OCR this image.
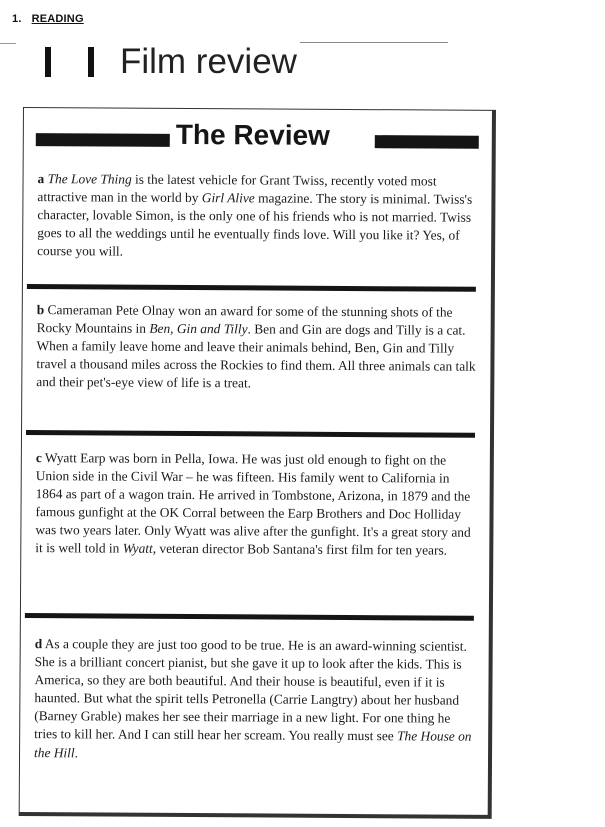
1. READING
Film review
The Review
a The Love Thing is the latest vehicle for Grant Twiss, recently voted most attractive man in the world by Girl Alive magazine. The story is minimal. Twiss's character, lovable Simon, is the only one of his friends who is not married. Twiss goes to all the weddings until he eventually finds love. Will you like it? Yes, of course you will.
b Cameraman Pete Olnay won an award for some of the stunning shots of the Rocky Mountains in Ben, Gin and Tilly. Ben and Gin are dogs and Tilly is a cat. When a family leave home and leave their animals behind, Ben, Gin and Tilly travel a thousand miles across the Rockies to find them. All three animals can talk and their pet's-eye view of life is a treat.
c Wyatt Earp was born in Pella, Iowa. He was just old enough to fight on the Union side in the Civil War – he was fifteen. His family went to California in 1864 as part of a wagon train. He arrived in Tombstone, Arizona, in 1879 and the famous gunfight at the OK Corral between the Earp Brothers and Doc Holliday was two years later. Only Wyatt was alive after the gunfight. It's a great story and it is well told in Wyatt, veteran director Bob Santana's first film for ten years.
d As a couple they are just too good to be true. He is an award-winning scientist. She is a brilliant concert pianist, but she gave it up to look after the kids. This is America, so they are both beautiful. And their house is beautiful, even if it is haunted. But what the spirit tells Petronella (Carrie Langtry) about her husband (Barney Grable) makes her see their marriage in a new light. For one thing he tries to kill her. And I can still hear her scream. You really must see The House on the Hill.
